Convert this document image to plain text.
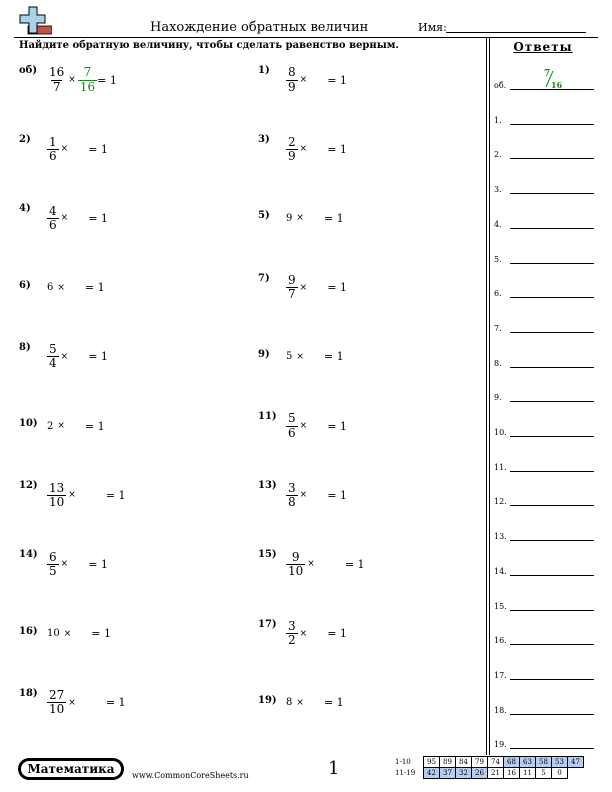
Нахождение обратных величин	Имя:
Найдите обратную величину, чтобы сделать равенство верным.	Ответы
$об) \frac{16}{7} \times \frac{7}{16} = 1$
$1) \frac{8}{9}$ × = 1
$2) \frac{1}{6}$ × = 1
$3) \frac{2}{9}$ × = 1
$4) \frac{4}{6}$ × = 1	5) 9 × = 1
6) 6 × = 1
$7) \frac{9}{7}$ × = 1
$8) \frac{5}{4}$ × = 1	9) 5 × = 1
10) 2 × = 1
$11) \frac{5}{6}$ × = 1
$12) \frac{13}{10}$ ×	= 1
$13) \frac{3}{8}$ × = 1
$14) \frac{6}{5}$ × = 1
$15) \frac{9}{10}$ ×	= 1
16) 10 × = 1
$17) \frac{3}{2}$ × = 1
$18) \frac{27}{10}$ ×	= 1	19) 8 × = 1
об.
1.
2.
3.
4.
5.
6.
7.
8.
9.
10.
11.
12.
13.
14.
15.
16.
17.
18.
19.
7
16
Математика	www.CommonCoreSheets.ru	1	1-10	95	89	84	79	74	68	63	58	53	47
11-19	42	37	32	26	21	16	11	5	0	
